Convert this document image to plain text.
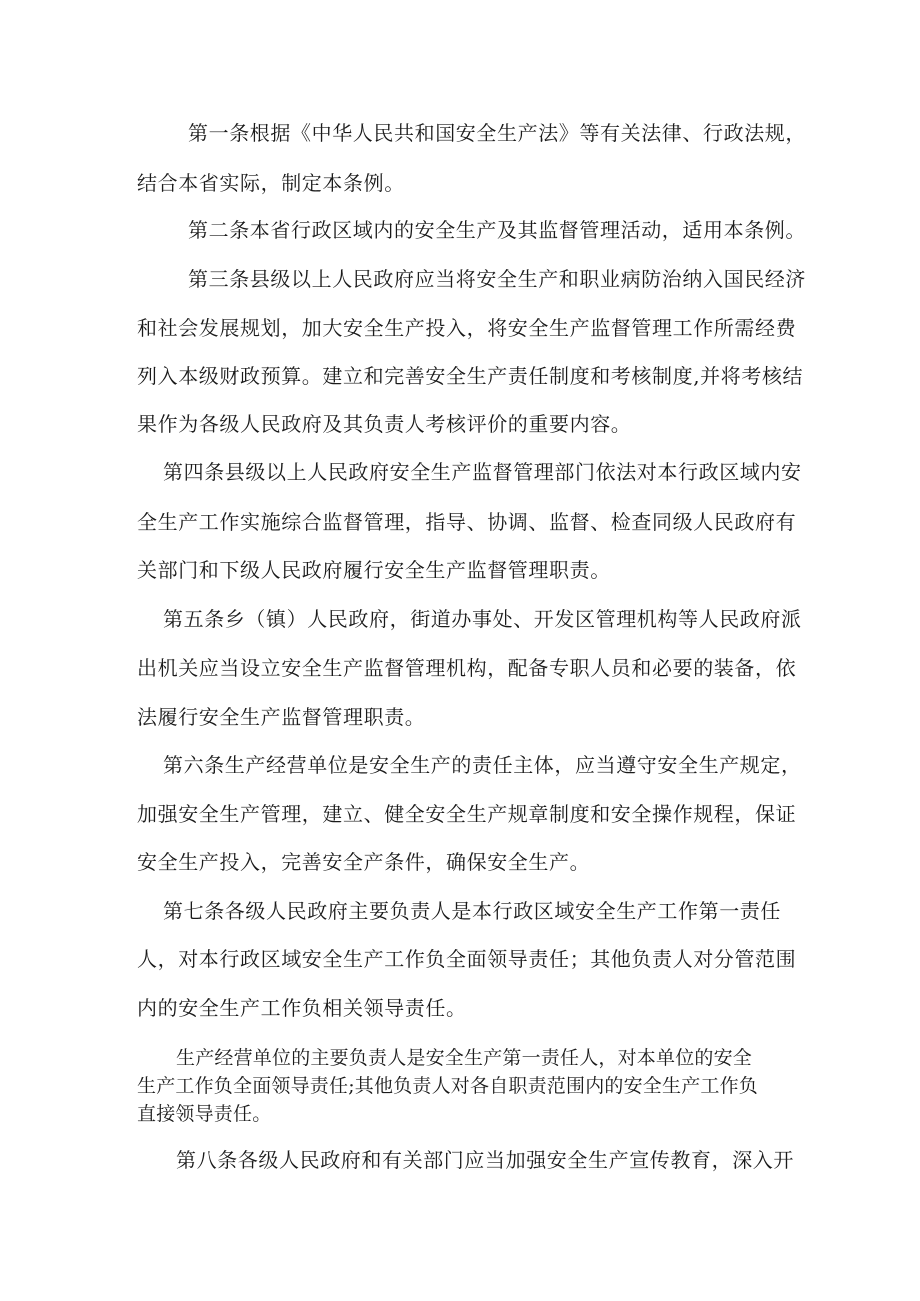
第一条根据《中华人民共和国安全生产法》等有关法律、行政法规，
结合本省实际，制定本条例。
第二条本省行政区域内的安全生产及其监督管理活动，适用本条例。
第三条县级以上人民政府应当将安全生产和职业病防治纳入国民经济
和社会发展规划，加大安全生产投入，将安全生产监督管理工作所需经费
列入本级财政预算。建立和完善安全生产责任制度和考核制度,并将考核结
果作为各级人民政府及其负责人考核评价的重要内容。
第四条县级以上人民政府安全生产监督管理部门依法对本行政区域内安
全生产工作实施综合监督管理，指导、协调、监督、检查同级人民政府有
关部门和下级人民政府履行安全生产监督管理职责。
第五条乡（镇）人民政府，街道办事处、开发区管理机构等人民政府派
出机关应当设立安全生产监督管理机构，配备专职人员和必要的装备，依
法履行安全生产监督管理职责。
第六条生产经营单位是安全生产的责任主体，应当遵守安全生产规定，
加强安全生产管理，建立、健全安全生产规章制度和安全操作规程，保证
安全生产投入，完善安全产条件，确保安全生产。
第七条各级人民政府主要负责人是本行政区域安全生产工作第一责任
人，对本行政区域安全生产工作负全面领导责任；其他负责人对分管范围
内的安全生产工作负相关领导责任。
生产经营单位的主要负责人是安全生产第一责任人，对本单位的安全
生产工作负全面领导责任;其他负责人对各自职责范围内的安全生产工作负
直接领导责任。
第八条各级人民政府和有关部门应当加强安全生产宣传教育，深入开
